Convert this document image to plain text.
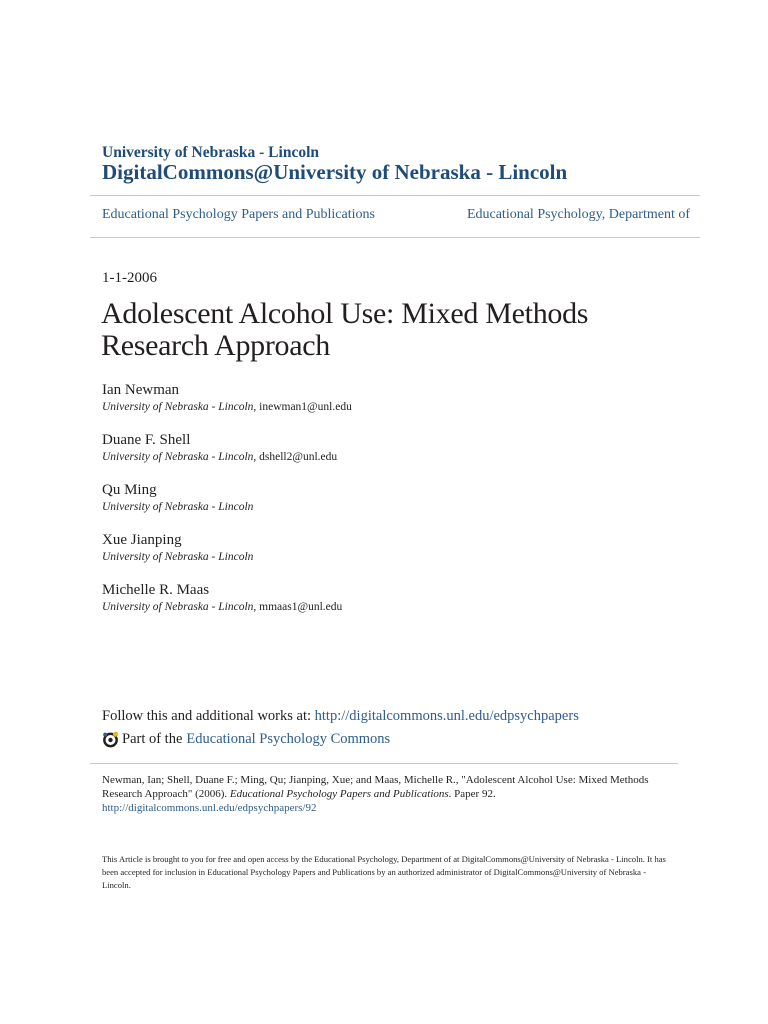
University of Nebraska - Lincoln
DigitalCommons@University of Nebraska - Lincoln
Educational Psychology Papers and Publications	Educational Psychology, Department of
1-1-2006
Adolescent Alcohol Use: Mixed Methods Research Approach
Ian Newman
University of Nebraska - Lincoln, inewman1@unl.edu
Duane F. Shell
University of Nebraska - Lincoln, dshell2@unl.edu
Qu Ming
University of Nebraska - Lincoln
Xue Jianping
University of Nebraska - Lincoln
Michelle R. Maas
University of Nebraska - Lincoln, mmaas1@unl.edu
Follow this and additional works at: http://digitalcommons.unl.edu/edpsychpapers
Part of the Educational Psychology Commons
Newman, Ian; Shell, Duane F.; Ming, Qu; Jianping, Xue; and Maas, Michelle R., "Adolescent Alcohol Use: Mixed Methods Research Approach" (2006). Educational Psychology Papers and Publications. Paper 92.
http://digitalcommons.unl.edu/edpsychpapers/92
This Article is brought to you for free and open access by the Educational Psychology, Department of at DigitalCommons@University of Nebraska - Lincoln. It has been accepted for inclusion in Educational Psychology Papers and Publications by an authorized administrator of DigitalCommons@University of Nebraska - Lincoln.
